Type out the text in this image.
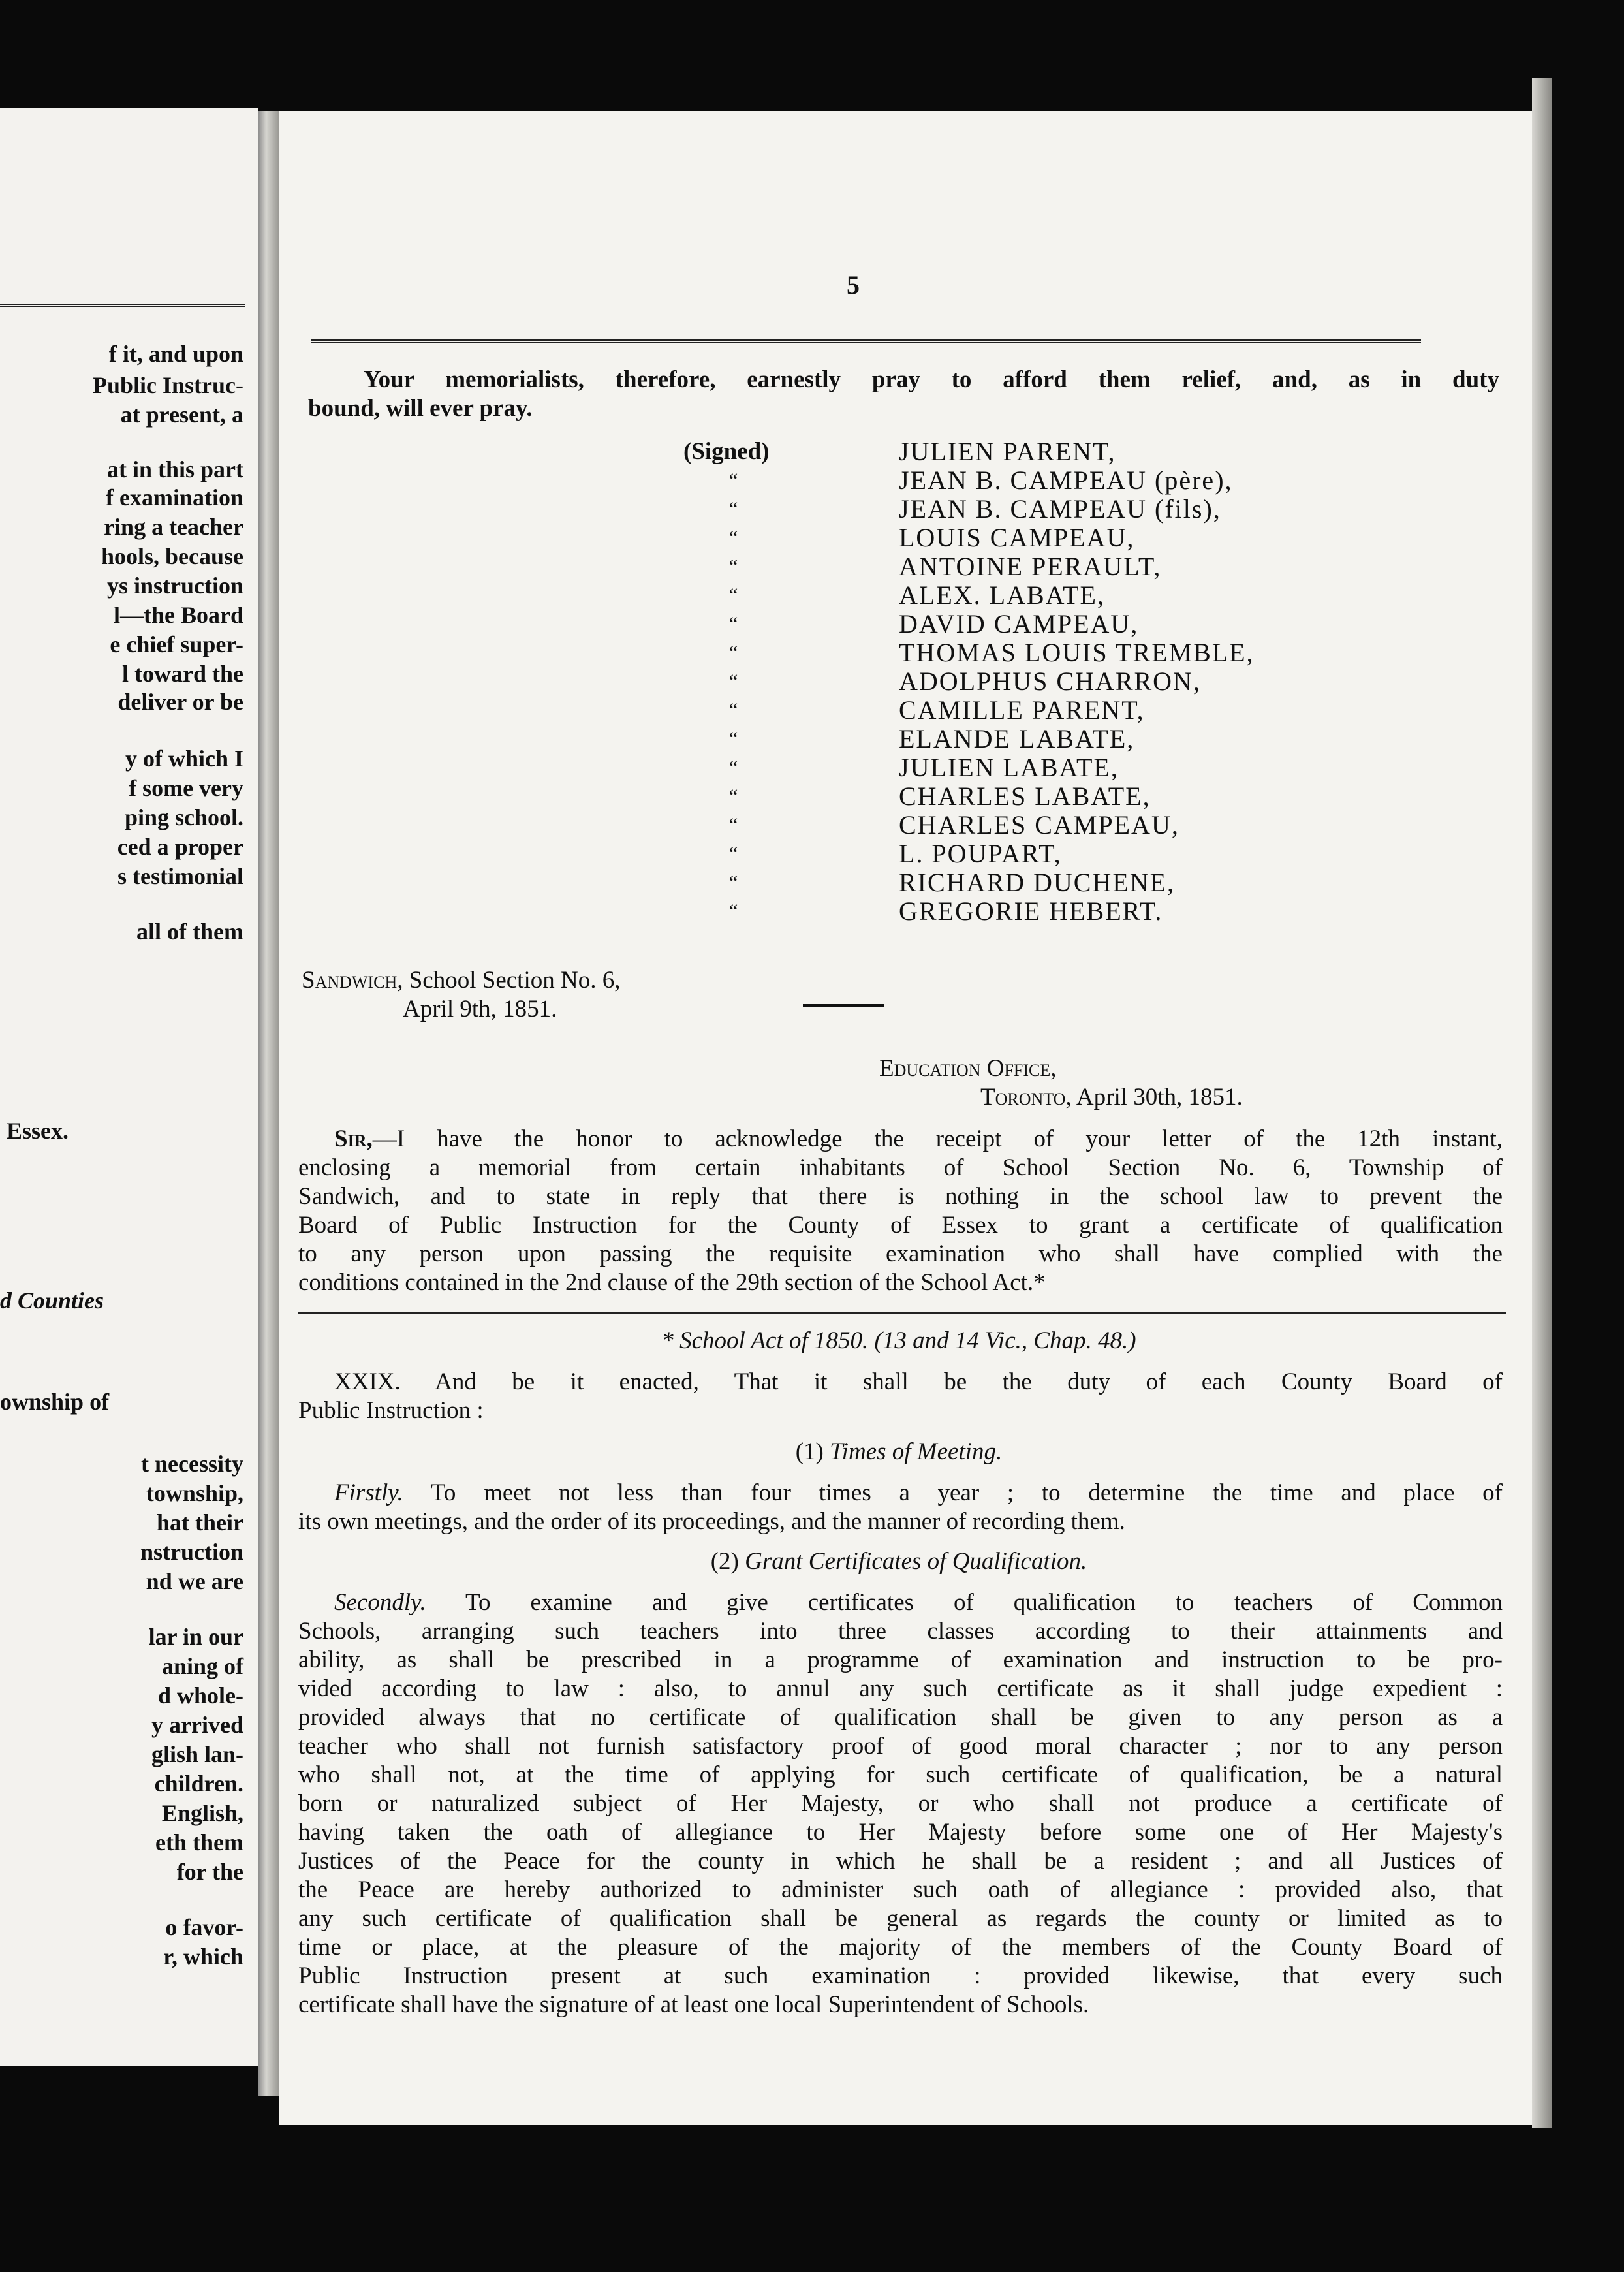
f it, and upon
Public Instruc-
at present, a
at in this part
f examination
ring a teacher
hools, because
ys instruction
l—the Board
e chief super-
l toward the
deliver or be
y of which I
f some very
ping school.
ced a proper
s testimonial
all of them
Essex.
d Counties
ownship of
t necessity
township,
hat their
nstruction
nd we are
lar in our
aning of
d whole-
y arrived
glish lan-
children.
English,
eth them
for the
o favor-
r, which
5
Your memorialists, therefore, earnestly pray to afford them relief, and, as in duty
bound, will ever pray.
(Signed)
Sandwich, School Section No. 6,
April 9th, 1851.
Education Office,
Toronto, April 30th, 1851.
Sir,—I have the honor to acknowledge the receipt of your letter of the 12th instant,
enclosing a memorial from certain inhabitants of School Section No. 6, Township of
Sandwich, and to state in reply that there is nothing in the school law to prevent the
Board of Public Instruction for the County of Essex to grant a certificate of qualification
to any person upon passing the requisite examination who shall have complied with the
conditions contained in the 2nd clause of the 29th section of the School Act.*
* School Act of 1850. (13 and 14 Vic., Chap. 48.)
XXIX. And be it enacted, That it shall be the duty of each County Board of
Public Instruction :
(1) Times of Meeting.
Firstly. To meet not less than four times a year ; to determine the time and place of
its own meetings, and the order of its proceedings, and the manner of recording them.
(2) Grant Certificates of Qualification.
Secondly. To examine and give certificates of qualification to teachers of Common
JULIEN PARENT,
JEAN B. CAMPEAU (père),
“
JEAN B. CAMPEAU (fils),
“
LOUIS CAMPEAU,
“
ANTOINE PERAULT,
“
ALEX. LABATE,
“
DAVID CAMPEAU,
“
THOMAS LOUIS TREMBLE,
“
ADOLPHUS CHARRON,
“
CAMILLE PARENT,
“
ELANDE LABATE,
“
JULIEN LABATE,
“
CHARLES LABATE,
“
CHARLES CAMPEAU,
“
L. POUPART,
“
RICHARD DUCHENE,
“
GREGORIE HEBERT.
“
Schools, arranging such teachers into three classes according to their attainments and
ability, as shall be prescribed in a programme of examination and instruction to be pro-
vided according to law : also, to annul any such certificate as it shall judge expedient :
provided always that no certificate of qualification shall be given to any person as a
teacher who shall not furnish satisfactory proof of good moral character ; nor to any person
who shall not, at the time of applying for such certificate of qualification, be a natural
born or naturalized subject of Her Majesty, or who shall not produce a certificate of
having taken the oath of allegiance to Her Majesty before some one of Her Majesty's
Justices of the Peace for the county in which he shall be a resident ; and all Justices of
the Peace are hereby authorized to administer such oath of allegiance : provided also, that
any such certificate of qualification shall be general as regards the county or limited as to
time or place, at the pleasure of the majority of the members of the County Board of
Public Instruction present at such examination : provided likewise, that every such
certificate shall have the signature of at least one local Superintendent of Schools.
